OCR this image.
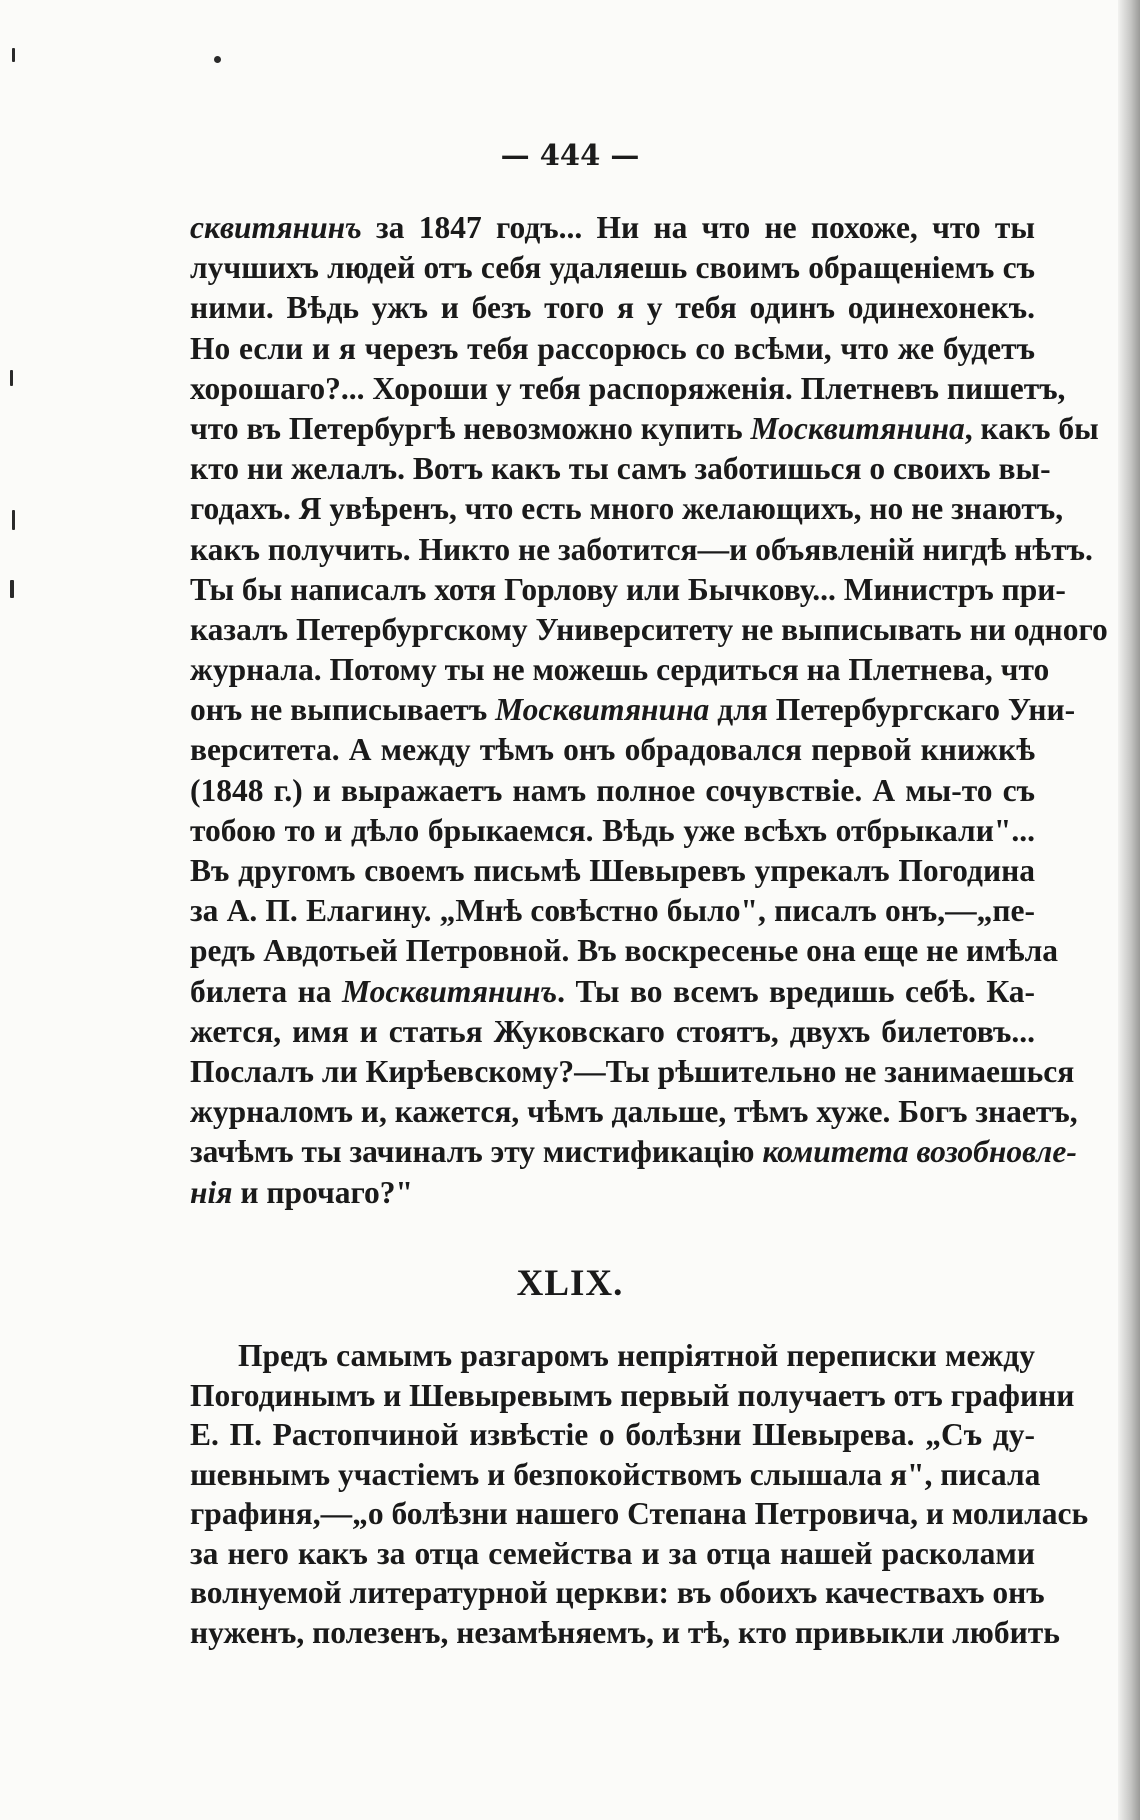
— 444 —
сквитянинъ за 1847 годъ... Ни на что не похоже, что ты
лучшихъ людей отъ себя удаляешь своимъ обращеніемъ съ
ними. Вѣдь ужъ и безъ того я у тебя одинъ одинехонекъ.
Но если и я черезъ тебя рассорюсь со всѣми, что же будетъ
хорошаго?... Хороши у тебя распоряженія. Плетневъ пишетъ,
что въ Петербургѣ невозможно купить Москвитянина, какъ бы
кто ни желалъ. Вотъ какъ ты самъ заботишься о своихъ вы-
годахъ. Я увѣренъ, что есть много желающихъ, но не знаютъ,
какъ получить. Никто не заботится—и объявленій нигдѣ нѣтъ.
Ты бы написалъ хотя Горлову или Бычкову... Министръ при-
казалъ Петербургскому Университету не выписывать ни одного
журнала. Потому ты не можешь сердиться на Плетнева, что
онъ не выписываетъ Москвитянина для Петербургскаго Уни-
верситета. А между тѣмъ онъ обрадовался первой книжкѣ
(1848 г.) и выражаетъ намъ полное сочувствіе. А мы-то съ
тобою то и дѣло брыкаемся. Вѣдь уже всѣхъ отбрыкали"...
Въ другомъ своемъ письмѣ Шевыревъ упрекалъ Погодина
за А. П. Елагину. „Мнѣ совѣстно было", писалъ онъ,—„пе-
редъ Авдотьей Петровной. Въ воскресенье она еще не имѣла
билета на Москвитянинъ. Ты во всемъ вредишь себѣ. Ка-
жется, имя и статья Жуковскаго стоятъ, двухъ билетовъ...
Послалъ ли Кирѣевскому?—Ты рѣшительно не занимаешься
журналомъ и, кажется, чѣмъ дальше, тѣмъ хуже. Богъ знаетъ,
зачѣмъ ты зачиналъ эту мистификацію комитета возобновле-
нія и прочаго?"
XLIX.
Предъ самымъ разгаромъ непріятной переписки между
Погодинымъ и Шевыревымъ первый получаетъ отъ графини
Е. П. Растопчиной извѣстіе о болѣзни Шевырева. „Съ ду-
шевнымъ участіемъ и безпокойствомъ слышала я", писала
графиня,—„о болѣзни нашего Степана Петровича, и молилась
за него какъ за отца семейства и за отца нашей расколами
волнуемой литературной церкви: въ обоихъ качествахъ онъ
нуженъ, полезенъ, незамѣняемъ, и тѣ, кто привыкли любить
